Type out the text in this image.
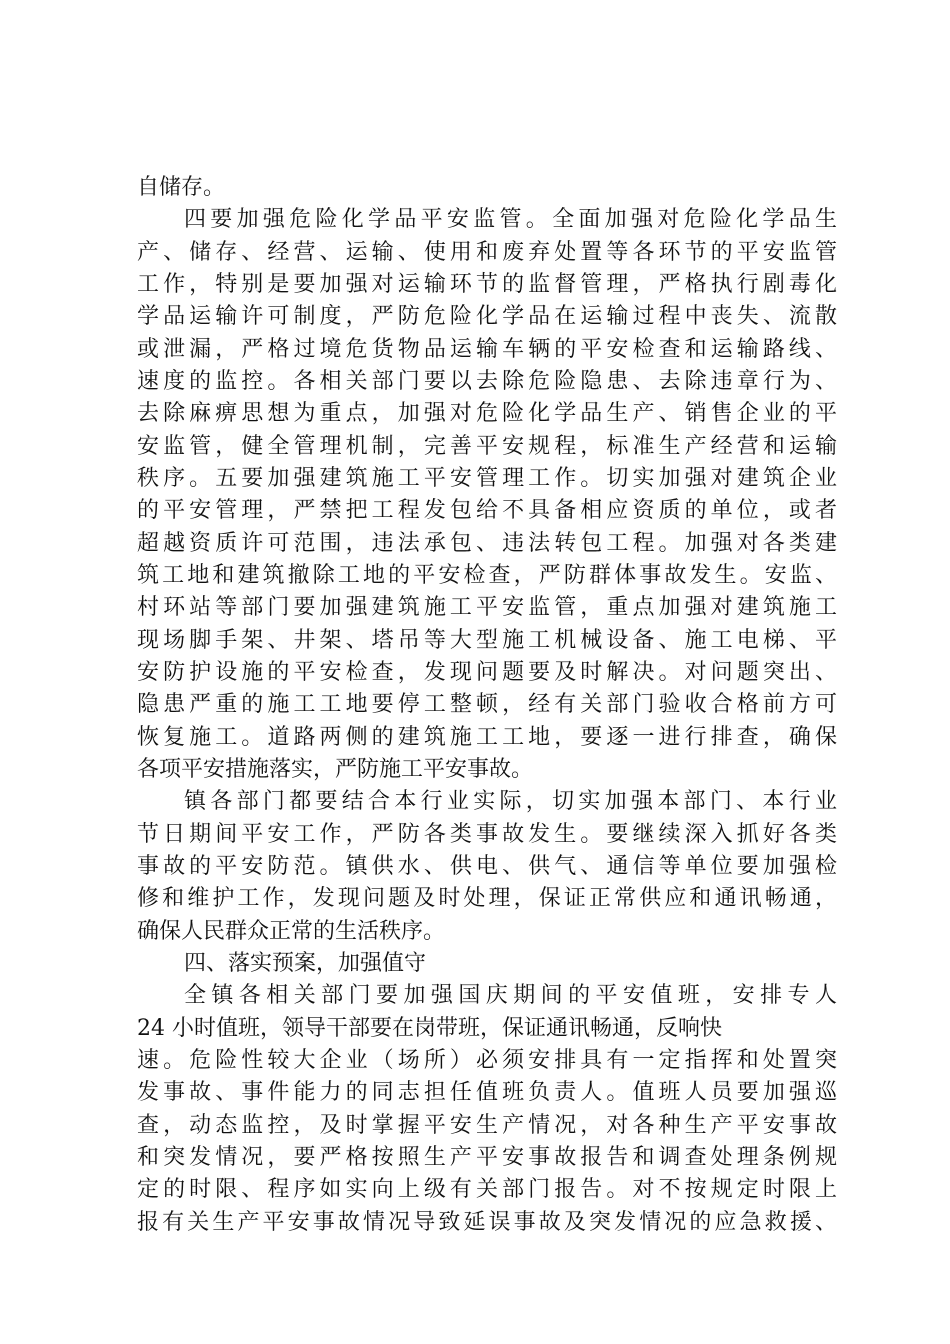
自储存。
四要加强危险化学品平安监管。全面加强对危险化学品生
产、储存、经营、运输、使用和废弃处置等各环节的平安监管
工作，特别是要加强对运输环节的监督管理，严格执行剧毒化
学品运输许可制度，严防危险化学品在运输过程中丧失、流散
或泄漏，严格过境危货物品运输车辆的平安检查和运输路线、
速度的监控。各相关部门要以去除危险隐患、去除违章行为、
去除麻痹思想为重点，加强对危险化学品生产、销售企业的平
安监管，健全管理机制，完善平安规程，标准生产经营和运输
秩序。五要加强建筑施工平安管理工作。切实加强对建筑企业
的平安管理，严禁把工程发包给不具备相应资质的单位，或者
超越资质许可范围，违法承包、违法转包工程。加强对各类建
筑工地和建筑撤除工地的平安检查，严防群体事故发生。安监、
村环站等部门要加强建筑施工平安监管，重点加强对建筑施工
现场脚手架、井架、塔吊等大型施工机械设备、施工电梯、平
安防护设施的平安检查，发现问题要及时解决。对问题突出、
隐患严重的施工工地要停工整顿，经有关部门验收合格前方可
恢复施工。道路两侧的建筑施工工地，要逐一进行排查，确保
各项平安措施落实，严防施工平安事故。
镇各部门都要结合本行业实际，切实加强本部门、本行业
节日期间平安工作，严防各类事故发生。要继续深入抓好各类
事故的平安防范。镇供水、供电、供气、通信等单位要加强检
修和维护工作，发现问题及时处理，保证正常供应和通讯畅通，
确保人民群众正常的生活秩序。
四、落实预案，加强值守
全镇各相关部门要加强国庆期间的平安值班，安排专人
24 小时值班，领导干部要在岗带班，保证通讯畅通，反响快
速。危险性较大企业（场所）必须安排具有一定指挥和处置突
发事故、事件能力的同志担任值班负责人。值班人员要加强巡
查，动态监控，及时掌握平安生产情况，对各种生产平安事故
和突发情况，要严格按照生产平安事故报告和调查处理条例规
定的时限、程序如实向上级有关部门报告。对不按规定时限上
报有关生产平安事故情况导致延误事故及突发情况的应急救援、
